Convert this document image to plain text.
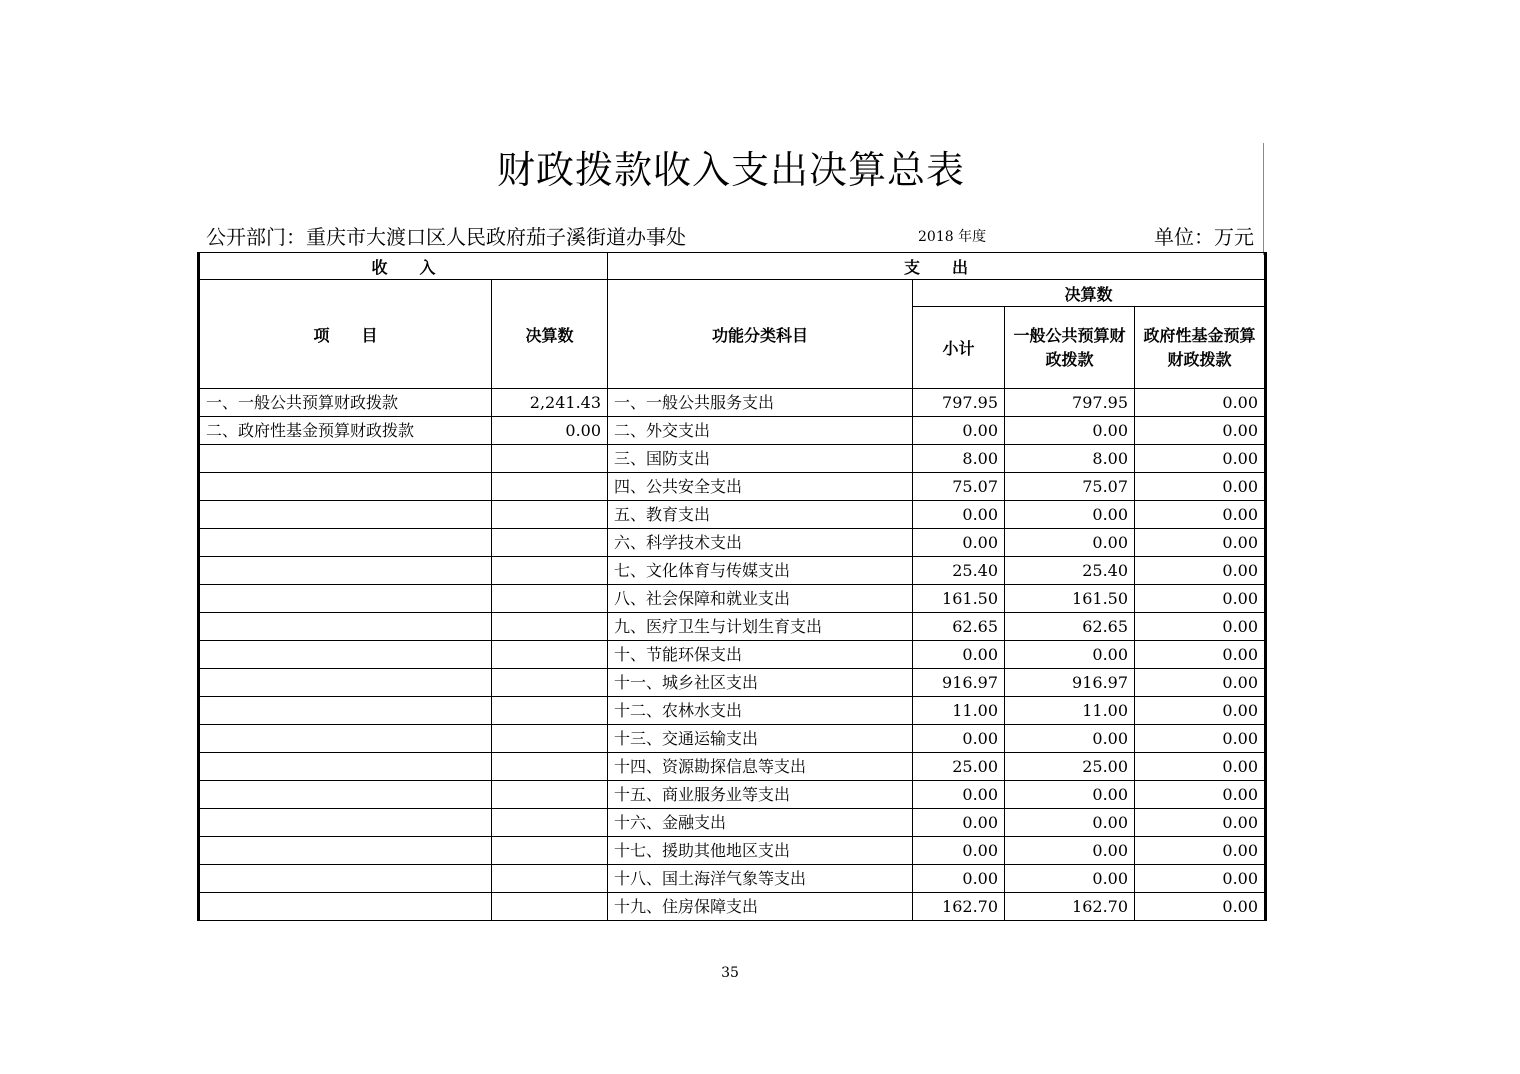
财政拨款收入支出决算总表
公开部门：重庆市大渡口区人民政府茄子溪街道办事处	2018 年度	单位：万元
收　　入		支　　出			
项　　目	决算数	功能分类科目	决算数		
			小计	一般公共预算财政拨款	政府性基金预算财政拨款
一、一般公共预算财政拨款	2,241.43	一、一般公共服务支出	797.95	797.95	0.00
二、政府性基金预算财政拨款	0.00	二、外交支出	0.00	0.00	0.00
		三、国防支出	8.00	8.00	0.00
		四、公共安全支出	75.07	75.07	0.00
		五、教育支出	0.00	0.00	0.00
		六、科学技术支出	0.00	0.00	0.00
		七、文化体育与传媒支出	25.40	25.40	0.00
		八、社会保障和就业支出	161.50	161.50	0.00
		九、医疗卫生与计划生育支出	62.65	62.65	0.00
		十、节能环保支出	0.00	0.00	0.00
		十一、城乡社区支出	916.97	916.97	0.00
		十二、农林水支出	11.00	11.00	0.00
		十三、交通运输支出	0.00	0.00	0.00
		十四、资源勘探信息等支出	25.00	25.00	0.00
		十五、商业服务业等支出	0.00	0.00	0.00
		十六、金融支出	0.00	0.00	0.00
		十七、援助其他地区支出	0.00	0.00	0.00
		十八、国土海洋气象等支出	0.00	0.00	0.00
		十九、住房保障支出	162.70	162.70	0.00
35
